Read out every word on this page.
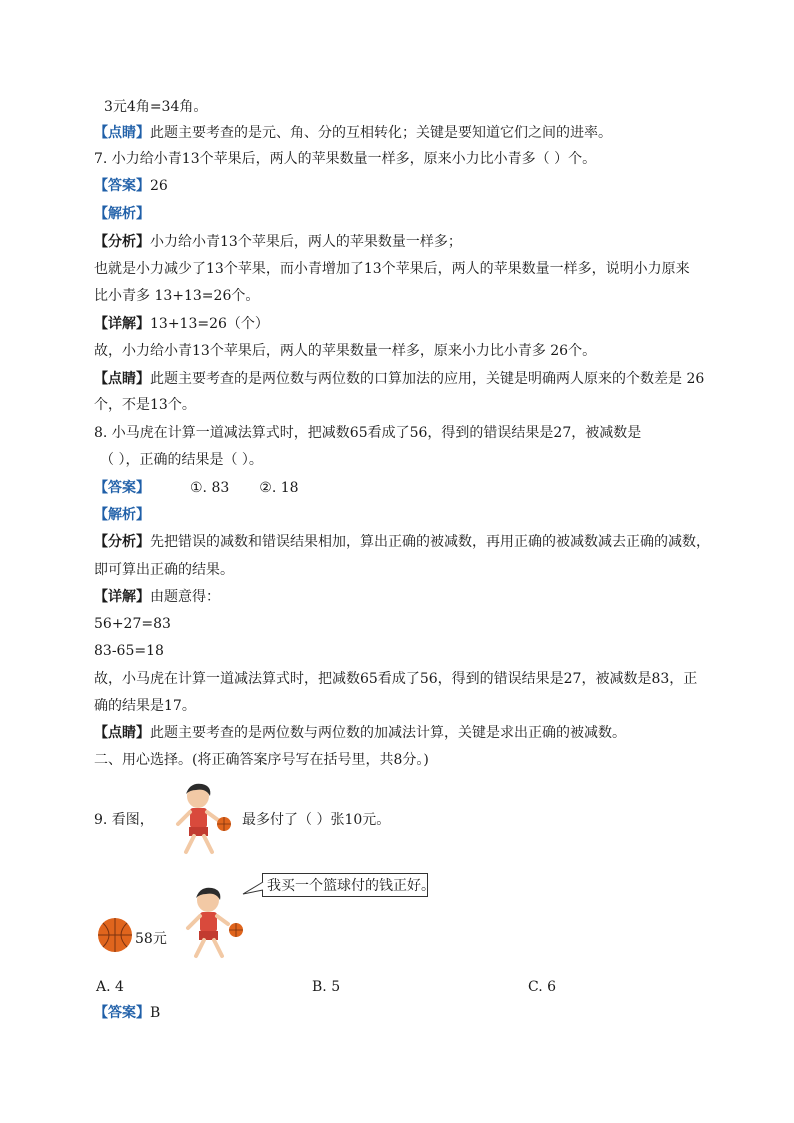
3元4角=34角。
【点睛】此题主要考查的是元、角、分的互相转化；关键是要知道它们之间的进率。
7. 小力给小青13个苹果后，两人的苹果数量一样多，原来小力比小青多（ ）个。
【答案】26
【解析】
【分析】小力给小青13个苹果后，两人的苹果数量一样多；
也就是小力减少了13个苹果，而小青增加了13个苹果后，两人的苹果数量一样多，说明小力原来
比小青多 13+13=26个。
【详解】13+13=26（个）
故，小力给小青13个苹果后，两人的苹果数量一样多，原来小力比小青多 26个。
【点睛】此题主要考查的是两位数与两位数的口算加法的应用，关键是明确两人原来的个数差是 26
个，不是13个。
8. 小马虎在计算一道减法算式时，把减数65看成了56，得到的错误结果是27，被减数是
（ ），正确的结果是（ ）。
【答案】	①. 83 ②. 18
【解析】
【分析】先把错误的减数和错误结果相加，算出正确的被减数，再用正确的被减数减去正确的减数，
即可算出正确的结果。
【详解】由题意得：
56+27=83
83-65=18
故，小马虎在计算一道减法算式时，把减数65看成了56，得到的错误结果是27，被减数是83，正
确的结果是17。
【点睛】此题主要考查的是两位数与两位数的加减法计算，关键是求出正确的被减数。
二、用心选择。(将正确答案序号写在括号里，共8分。)
9. 看图，	最多付了（ ）张10元。
我买一个篮球付的钱正好。
58元
A. 4	B. 5	C. 6
【答案】B
